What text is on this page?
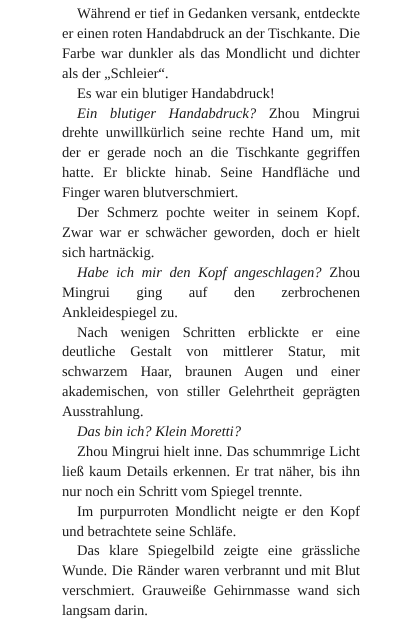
Während er tief in Gedanken versank, entdeckte er einen roten Handabdruck an der Tischkante. Die Farbe war dunkler als das Mondlicht und dichter als der „Schleier“.

Es war ein blutiger Handabdruck!

Ein blutiger Handabdruck? Zhou Mingrui drehte unwillkürlich seine rechte Hand um, mit der er gerade noch an die Tischkante gegriffen hatte. Er blickte hinab. Seine Handfläche und Finger waren blutverschmiert.

Der Schmerz pochte weiter in seinem Kopf. Zwar war er schwächer geworden, doch er hielt sich hartnäckig.

Habe ich mir den Kopf angeschlagen? Zhou Mingrui ging auf den zerbrochenen Ankleidespiegel zu.

Nach wenigen Schritten erblickte er eine deutliche Gestalt von mittlerer Statur, mit schwarzem Haar, braunen Augen und einer akademischen, von stiller Gelehrtheit geprägten Ausstrahlung.

Das bin ich? Klein Moretti?

Zhou Mingrui hielt inne. Das schummrige Licht ließ kaum Details erkennen. Er trat näher, bis ihn nur noch ein Schritt vom Spiegel trennte.

Im purpurroten Mondlicht neigte er den Kopf und betrachtete seine Schläfe.

Das klare Spiegelbild zeigte eine grässliche Wunde. Die Ränder waren verbrannt und mit Blut verschmiert. Grauweiße Gehirnmasse wand sich langsam darin.
